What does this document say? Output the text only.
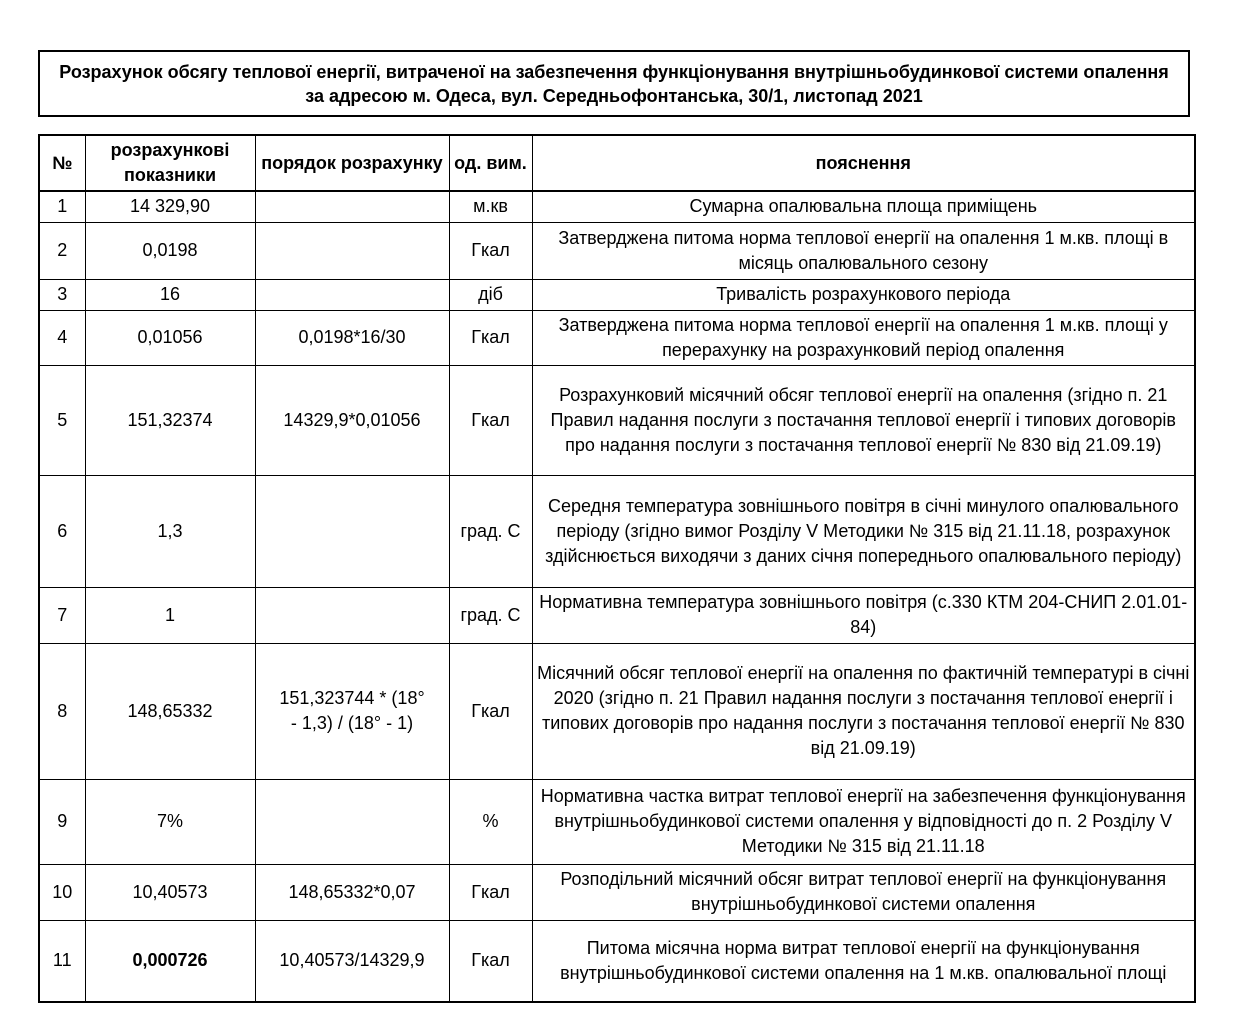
Розрахунок обсягу теплової енергії, витраченої на забезпечення функціонування внутрішньобудинкової системи опалення за адресою м. Одеса, вул. Середньофонтанська, 30/1, листопад 2021
№	розрахункові показники	порядок розрахунку	од. вим.	пояснення
1	14 329,90		м.кв	Сумарна опалювальна площа приміщень
2	0,0198		Гкал	Затверджена питома норма теплової енергії на опалення 1 м.кв. площі в місяць опалювального сезону
3	16		діб	Тривалість розрахункового періода
4	0,01056	0,0198*16/30	Гкал	Затверджена питома норма теплової енергії на опалення 1 м.кв. площі у перерахунку на розрахунковий період опалення
5	151,32374	14329,9*0,01056	Гкал	Розрахунковий місячний обсяг теплової енергії на опалення (згідно п. 21 Правил надання послуги з постачання теплової енергії і типових договорів про надання послуги з постачання теплової енергії № 830 від 21.09.19)
6	1,3		град. С	Середня температура зовнішнього повітря в січні минулого опалювального періоду (згідно вимог Розділу V Методики № 315 від 21.11.18, розрахунок здійснюється виходячи з даних січня попереднього опалювального періоду)
7	1		град. С	Нормативна температура зовнішнього повітря (с.330 КТМ 204-СНИП 2.01.01-84)
8	148,65332	151,323744 * (18° - 1,3) / (18° - 1)	Гкал	Місячний обсяг теплової енергії на опалення по фактичній температурі в січні 2020 (згідно п. 21 Правил надання послуги з постачання теплової енергії і типових договорів про надання послуги з постачання теплової енергії № 830 від 21.09.19)
9	7%		%	Нормативна частка витрат теплової енергії на забезпечення функціонування внутрішньобудинкової системи опалення у відповідності до п. 2 Розділу V Методики № 315 від 21.11.18
10	10,40573	148,65332*0,07	Гкал	Розподільний місячний обсяг витрат теплової енергії на функціонування внутрішньобудинкової системи опалення
11	0,000726	10,40573/14329,9	Гкал	Питома місячна норма витрат теплової енергії на функціонування внутрішньобудинкової системи опалення на 1 м.кв. опалювальної площі
